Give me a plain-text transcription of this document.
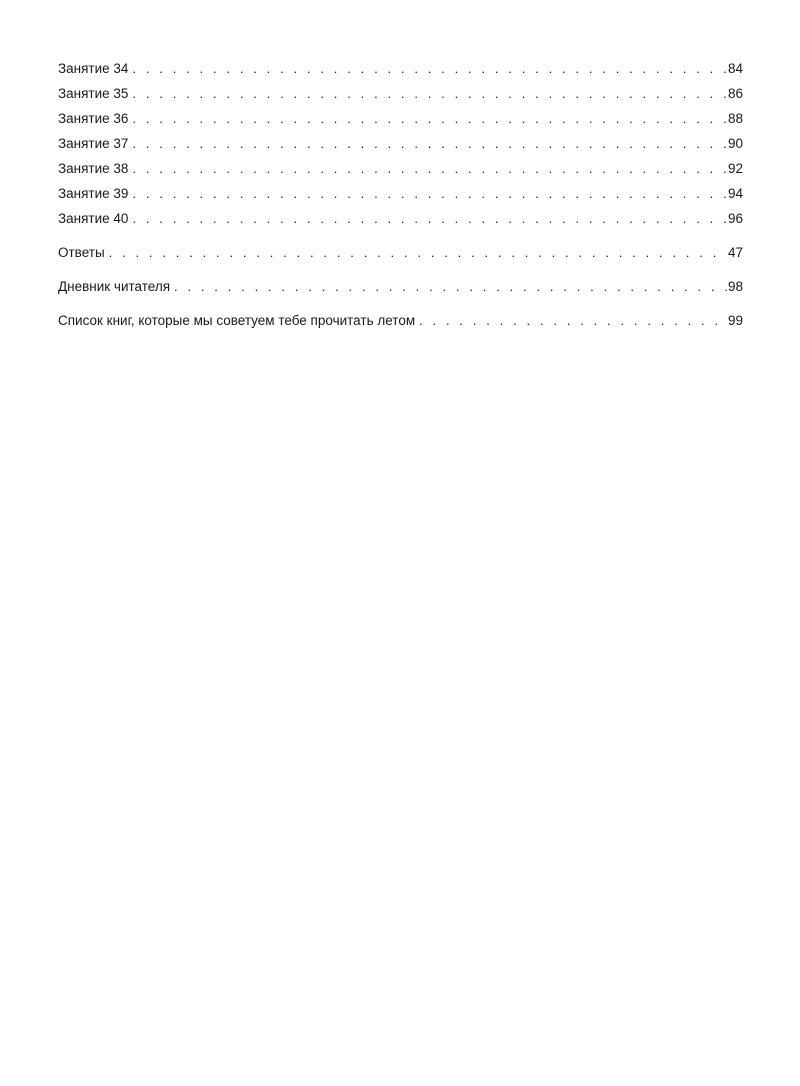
Занятие 34 . . .	84
Занятие 35 . . .	86
Занятие 36 . . .	88
Занятие 37 . . .	90
Занятие 38 . . .	92
Занятие 39 . . .	94
Занятие 40 . . .	96
Ответы . . .	47
Дневник читателя . . .	98
Список книг, которые мы советуем тебе прочитать летом . . .	99
